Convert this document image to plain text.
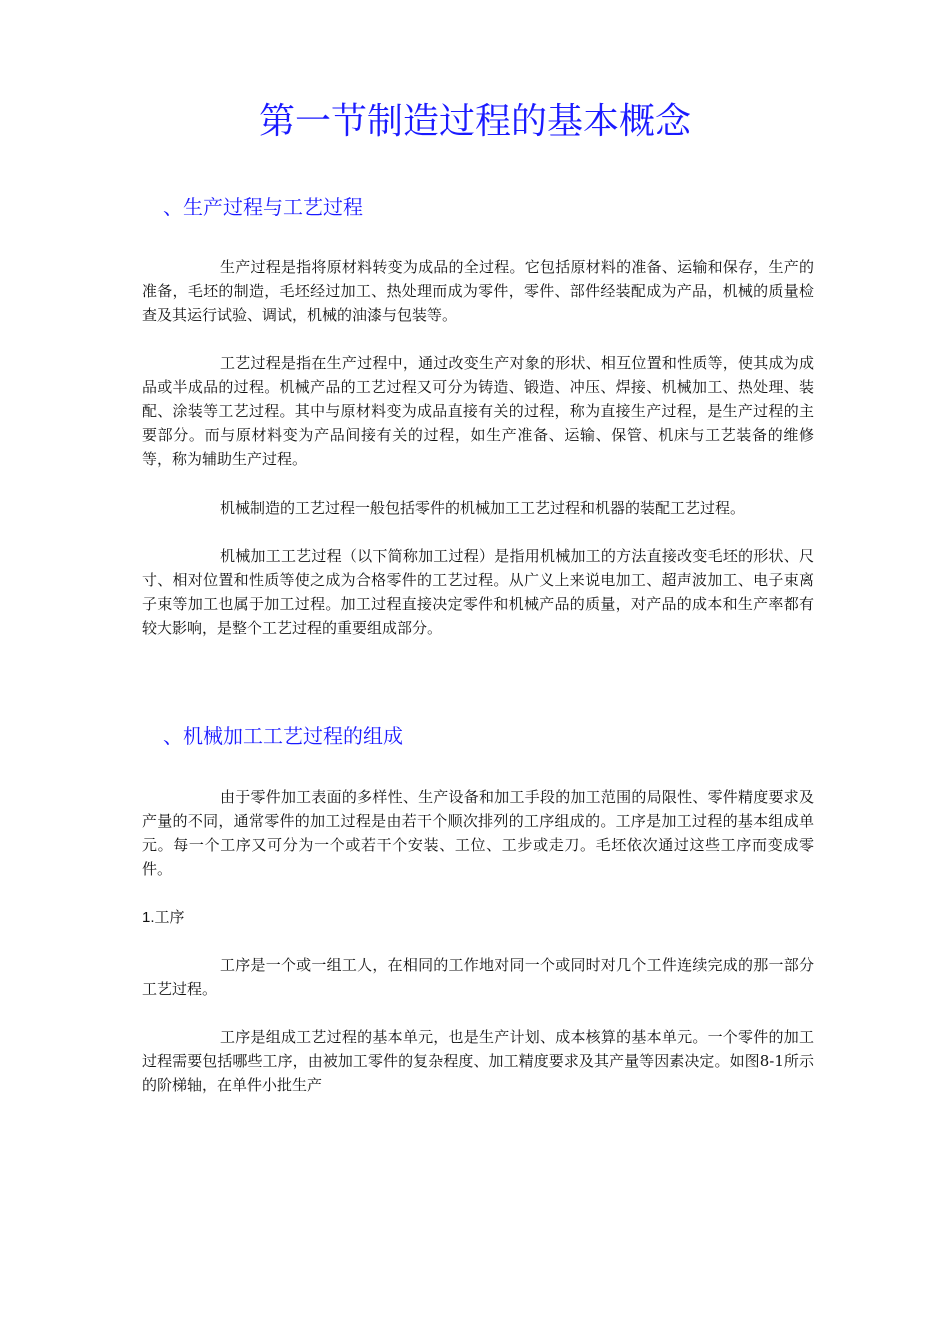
第一节制造过程的基本概念
、生产过程与工艺过程

生产过程是指将原材料转变为成品的全过程。它包括原材料的准备、运输和保存，生产的准备，毛坯的制造，毛坯经过加工、热处理而成为零件，零件、部件经装配成为产品，机械的质量检查及其运行试验、调试，机械的油漆与包装等。

工艺过程是指在生产过程中，通过改变生产对象的形状、相互位置和性质等，使其成为成品或半成品的过程。机械产品的工艺过程又可分为铸造、锻造、冲压、焊接、机械加工、热处理、装配、涂装等工艺过程。其中与原材料变为成品直接有关的过程，称为直接生产过程，是生产过程的主要部分。而与原材料变为产品间接有关的过程，如生产准备、运输、保管、机床与工艺装备的维修等，称为辅助生产过程。

机械制造的工艺过程一般包括零件的机械加工工艺过程和机器的装配工艺过程。

机械加工工艺过程（以下简称加工过程）是指用机械加工的方法直接改变毛坯的形状、尺寸、相对位置和性质等使之成为合格零件的工艺过程。从广义上来说电加工、超声波加工、电子束离子束等加工也属于加工过程。加工过程直接决定零件和机械产品的质量，对产品的成本和生产率都有较大影响，是整个工艺过程的重要组成部分。

、机械加工工艺过程的组成

由于零件加工表面的多样性、生产设备和加工手段的加工范围的局限性、零件精度要求及产量的不同，通常零件的加工过程是由若干个顺次排列的工序组成的。工序是加工过程的基本组成单元。每一个工序又可分为一个或若干个安装、工位、工步或走刀。毛坯依次通过这些工序而变成零件。

1.工序

工序是一个或一组工人，在相同的工作地对同一个或同时对几个工件连续完成的那一部分工艺过程。

工序是组成工艺过程的基本单元，也是生产计划、成本核算的基本单元。一个零件的加工过程需要包括哪些工序，由被加工零件的复杂程度、加工精度要求及其产量等因素决定。如图8-1所示的阶梯轴，在单件小批生产
